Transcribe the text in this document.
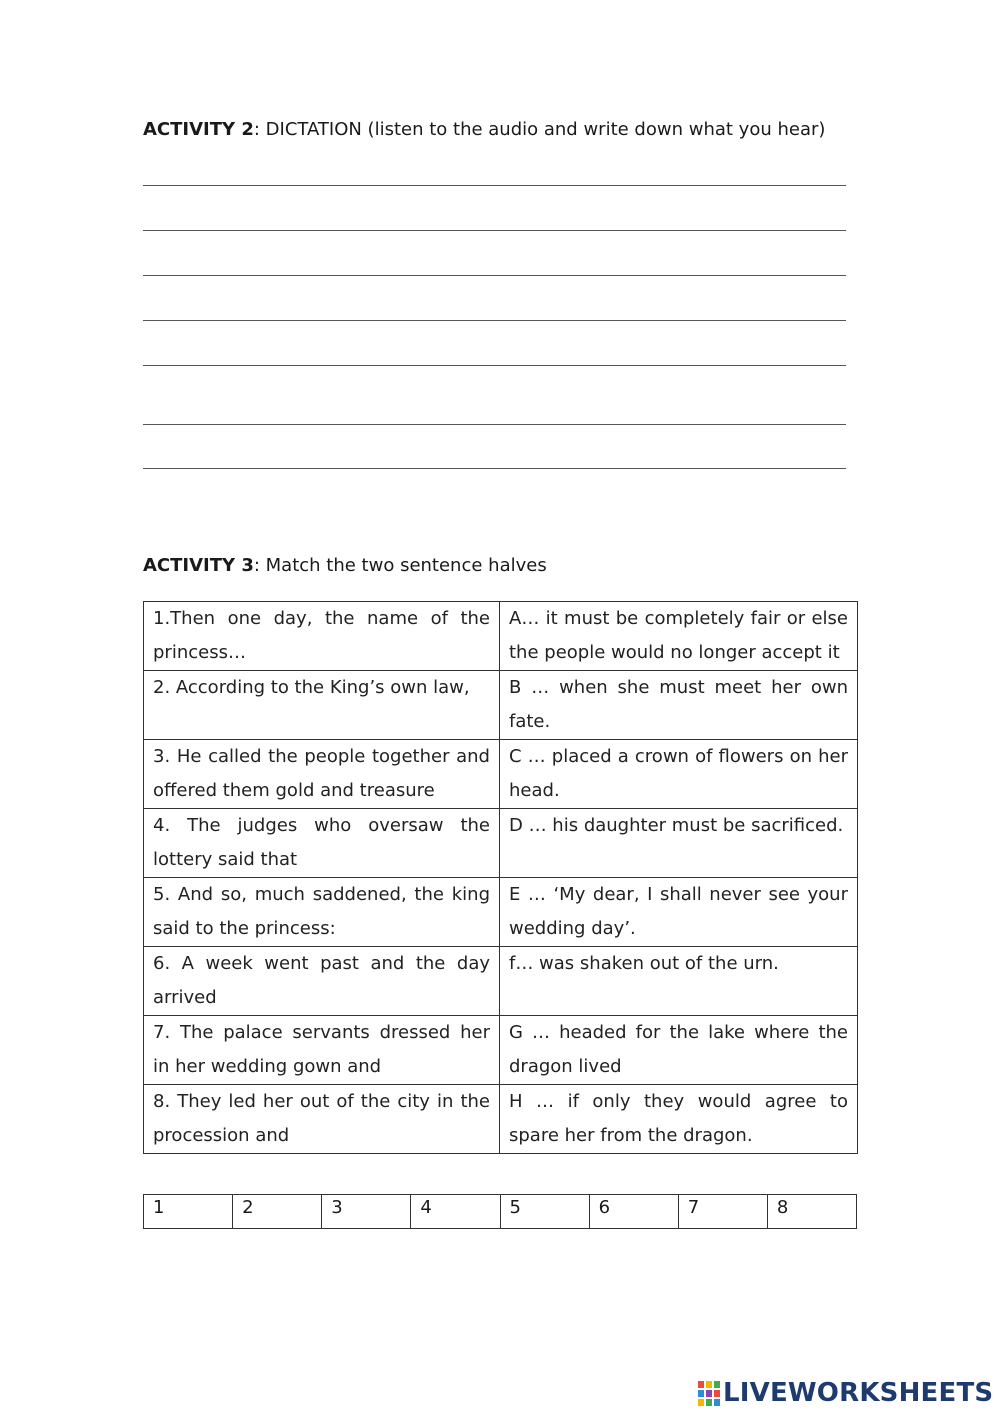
ACTIVITY 2: DICTATION (listen to the audio and write down what you hear)
ACTIVITY 3: Match the two sentence halves
1.Then one day, the name of the princess…	A… it must be completely fair or else the people would no longer accept it
2. According to the King’s own law,	B … when she must meet her own fate.
3. He called the people together and offered them gold and treasure	C … placed a crown of flowers on her head.
4. The judges who oversaw the lottery said that	D … his daughter must be sacrificed.
5. And so, much saddened, the king said to the princess:	E … ‘My dear, I shall never see your wedding day’.
6. A week went past and the day arrived	f… was shaken out of the urn.
7. The palace servants dressed her in her wedding gown and	G … headed for the lake where the dragon lived
8. They led her out of the city in the procession and	H … if only they would agree to spare her from the dragon.
1	2	3	4	5	6	7	8
LIVEWORKSHEETS
